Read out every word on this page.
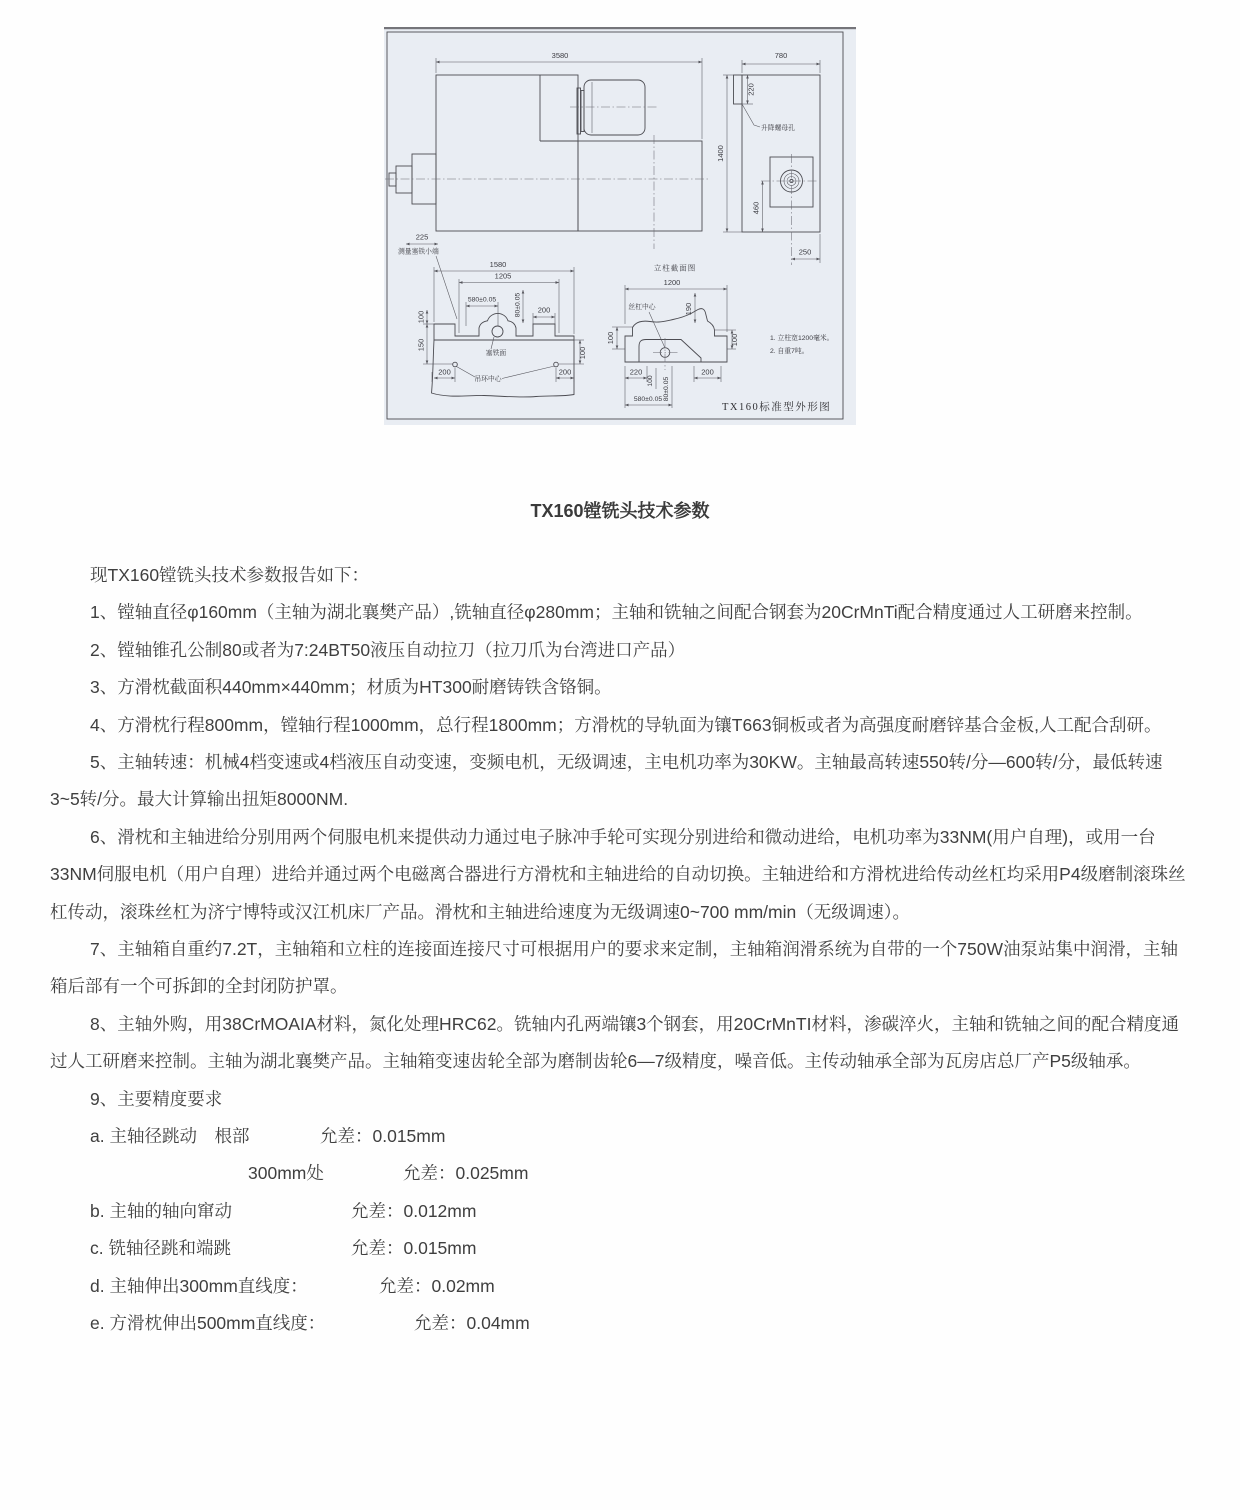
3580	780
1400
220
升降螺母孔
460
250
225
测量塞铁小端
1580
1205
580±0.05	80±0.05 200
塞铁面
吊环中心
100
150
200	200
100
立柱截面图
1200
丝杠中心	190
100	100
220
100 80±0.05
200
580±0.05
1. 立柱宽1200毫米。
2. 自重7吨。
TX160标准型外形图
TX160镗铣头技术参数

现TX160镗铣头技术参数报告如下：

1、镗轴直径φ160mm（主轴为湖北襄樊产品）,铣轴直径φ280mm；主轴和铣轴之间配合钢套为20CrMnTi配合精度通过人工研磨来控制。

2、镗轴锥孔公制80或者为7:24BT50液压自动拉刀（拉刀爪为台湾进口产品）

3、方滑枕截面积440mm×440mm；材质为HT300耐磨铸铁含铬铜。

4、方滑枕行程800mm，镗轴行程1000mm，总行程1800mm；方滑枕的导轨面为镶T663铜板或者为高强度耐磨锌基合金板,人工配合刮研。

5、主轴转速：机械4档变速或4档液压自动变速，变频电机，无级调速，主电机功率为30KW。主轴最高转速550转/分—600转/分，最低转速3~5转/分。最大计算输出扭矩8000NM.

6、滑枕和主轴进给分别用两个伺服电机来提供动力通过电子脉冲手轮可实现分别进给和微动进给，电机功率为33NM(用户自理)，或用一台33NM伺服电机（用户自理）进给并通过两个电磁离合器进行方滑枕和主轴进给的自动切换。主轴进给和方滑枕进给传动丝杠均采用P4级磨制滚珠丝杠传动，滚珠丝杠为济宁博特或汉江机床厂产品。滑枕和主轴进给速度为无级调速0~700 mm/min（无级调速）。

7、主轴箱自重约7.2T，主轴箱和立柱的连接面连接尺寸可根据用户的要求来定制，主轴箱润滑系统为自带的一个750W油泵站集中润滑，主轴箱后部有一个可拆卸的全封闭防护罩。

8、主轴外购，用38CrMOAIA材料，氮化处理HRC62。铣轴内孔两端镶3个钢套，用20CrMnTI材料，渗碳淬火，主轴和铣轴之间的配合精度通过人工研磨来控制。主轴为湖北襄樊产品。主轴箱变速齿轮全部为磨制齿轮6—7级精度，噪音低。主传动轴承全部为瓦房店总厂产P5级轴承。

9、主要精度要求

a. 主轴径跳动　根部	允差：0.015mm
300mm处	允差：0.025mm
b. 主轴的轴向窜动	允差：0.012mm
c. 铣轴径跳和端跳	允差：0.015mm
d. 主轴伸出300mm直线度：	允差：0.02mm
e. 方滑枕伸出500mm直线度：	允差：0.04mm
